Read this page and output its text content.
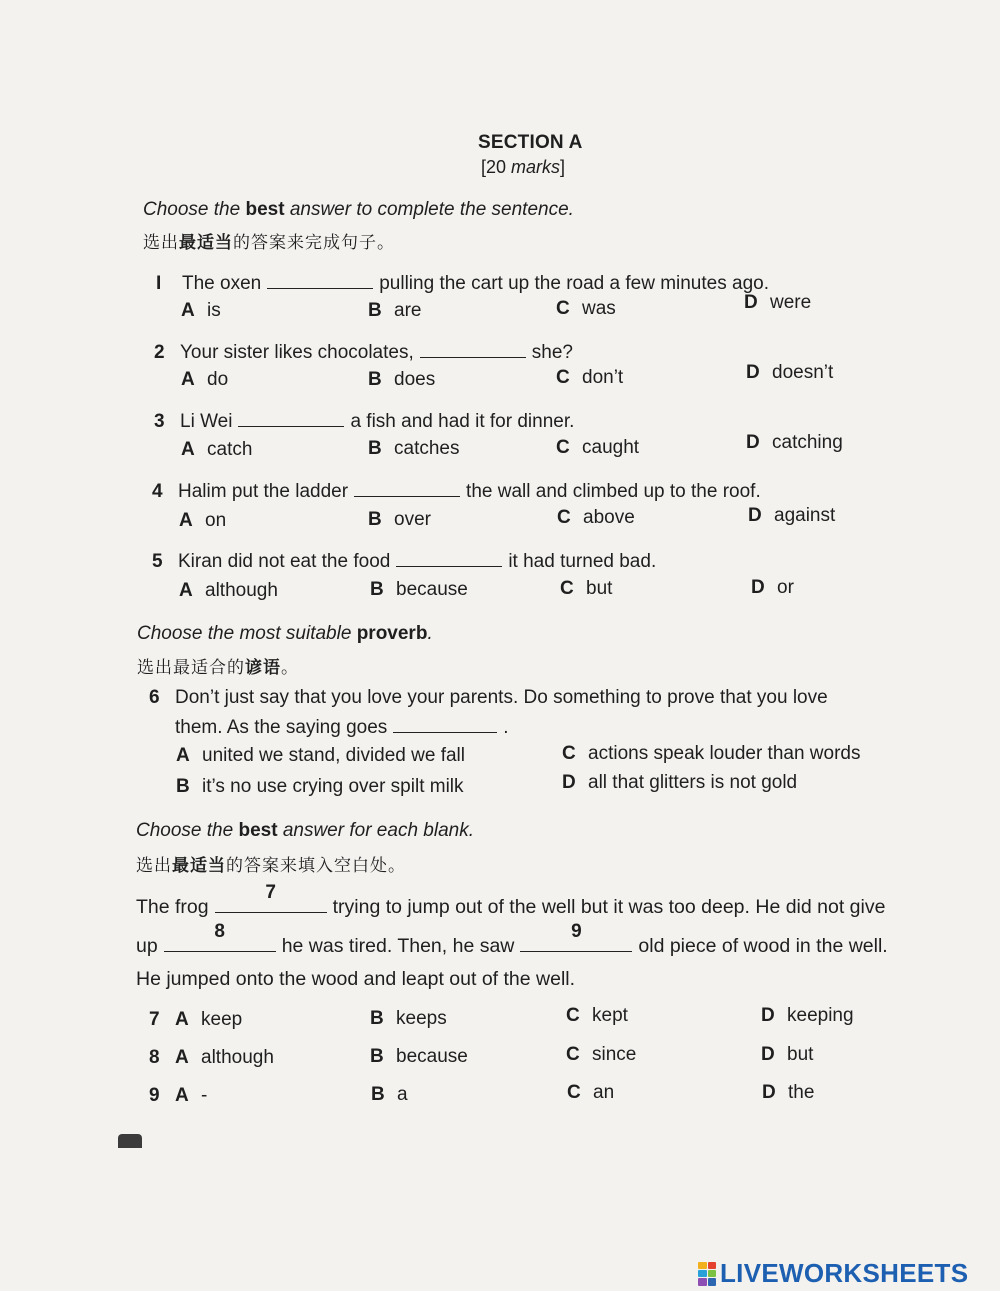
SECTION A
[20 marks]
Choose the best answer to complete the sentence.
选出最适当的答案来完成句子。
I The oxen	pulling the cart up the road a few minutes ago.
A is	B are	C was	D were
2 Your sister likes chocolates,	she?
A do	B does	C don’t	D doesn’t
3 Li Wei	a fish and had it for dinner.
A catch	B catches	C caught	D catching
4 Halim put the ladder	the wall and climbed up to the roof.
A on	B over	C above	D against
5 Kiran did not eat the food	it had turned bad.
A although	B because	C but	D or
Choose the most suitable proverb.
选出最适合的谚语。
6 Don’t just say that you love your parents. Do something to prove that you love
them. As the saying goes	.
A united we stand, divided we fall
B it’s no use crying over spilt milk
C actions speak louder than words
D all that glitters is not gold
Choose the best answer for each blank.
选出最适当的答案来填入空白处。
The frog
7
trying to jump out of the well but it was too deep. He did not give
up
8
he was tired. Then, he saw
9
old piece of wood in the well.
He jumped onto the wood and leapt out of the well.
7 A keep	B keeps	C kept	D keeping
8 A although	B because	C since	D but
9 A -	B a	C an	D the
LIVEWORKSHEETS
